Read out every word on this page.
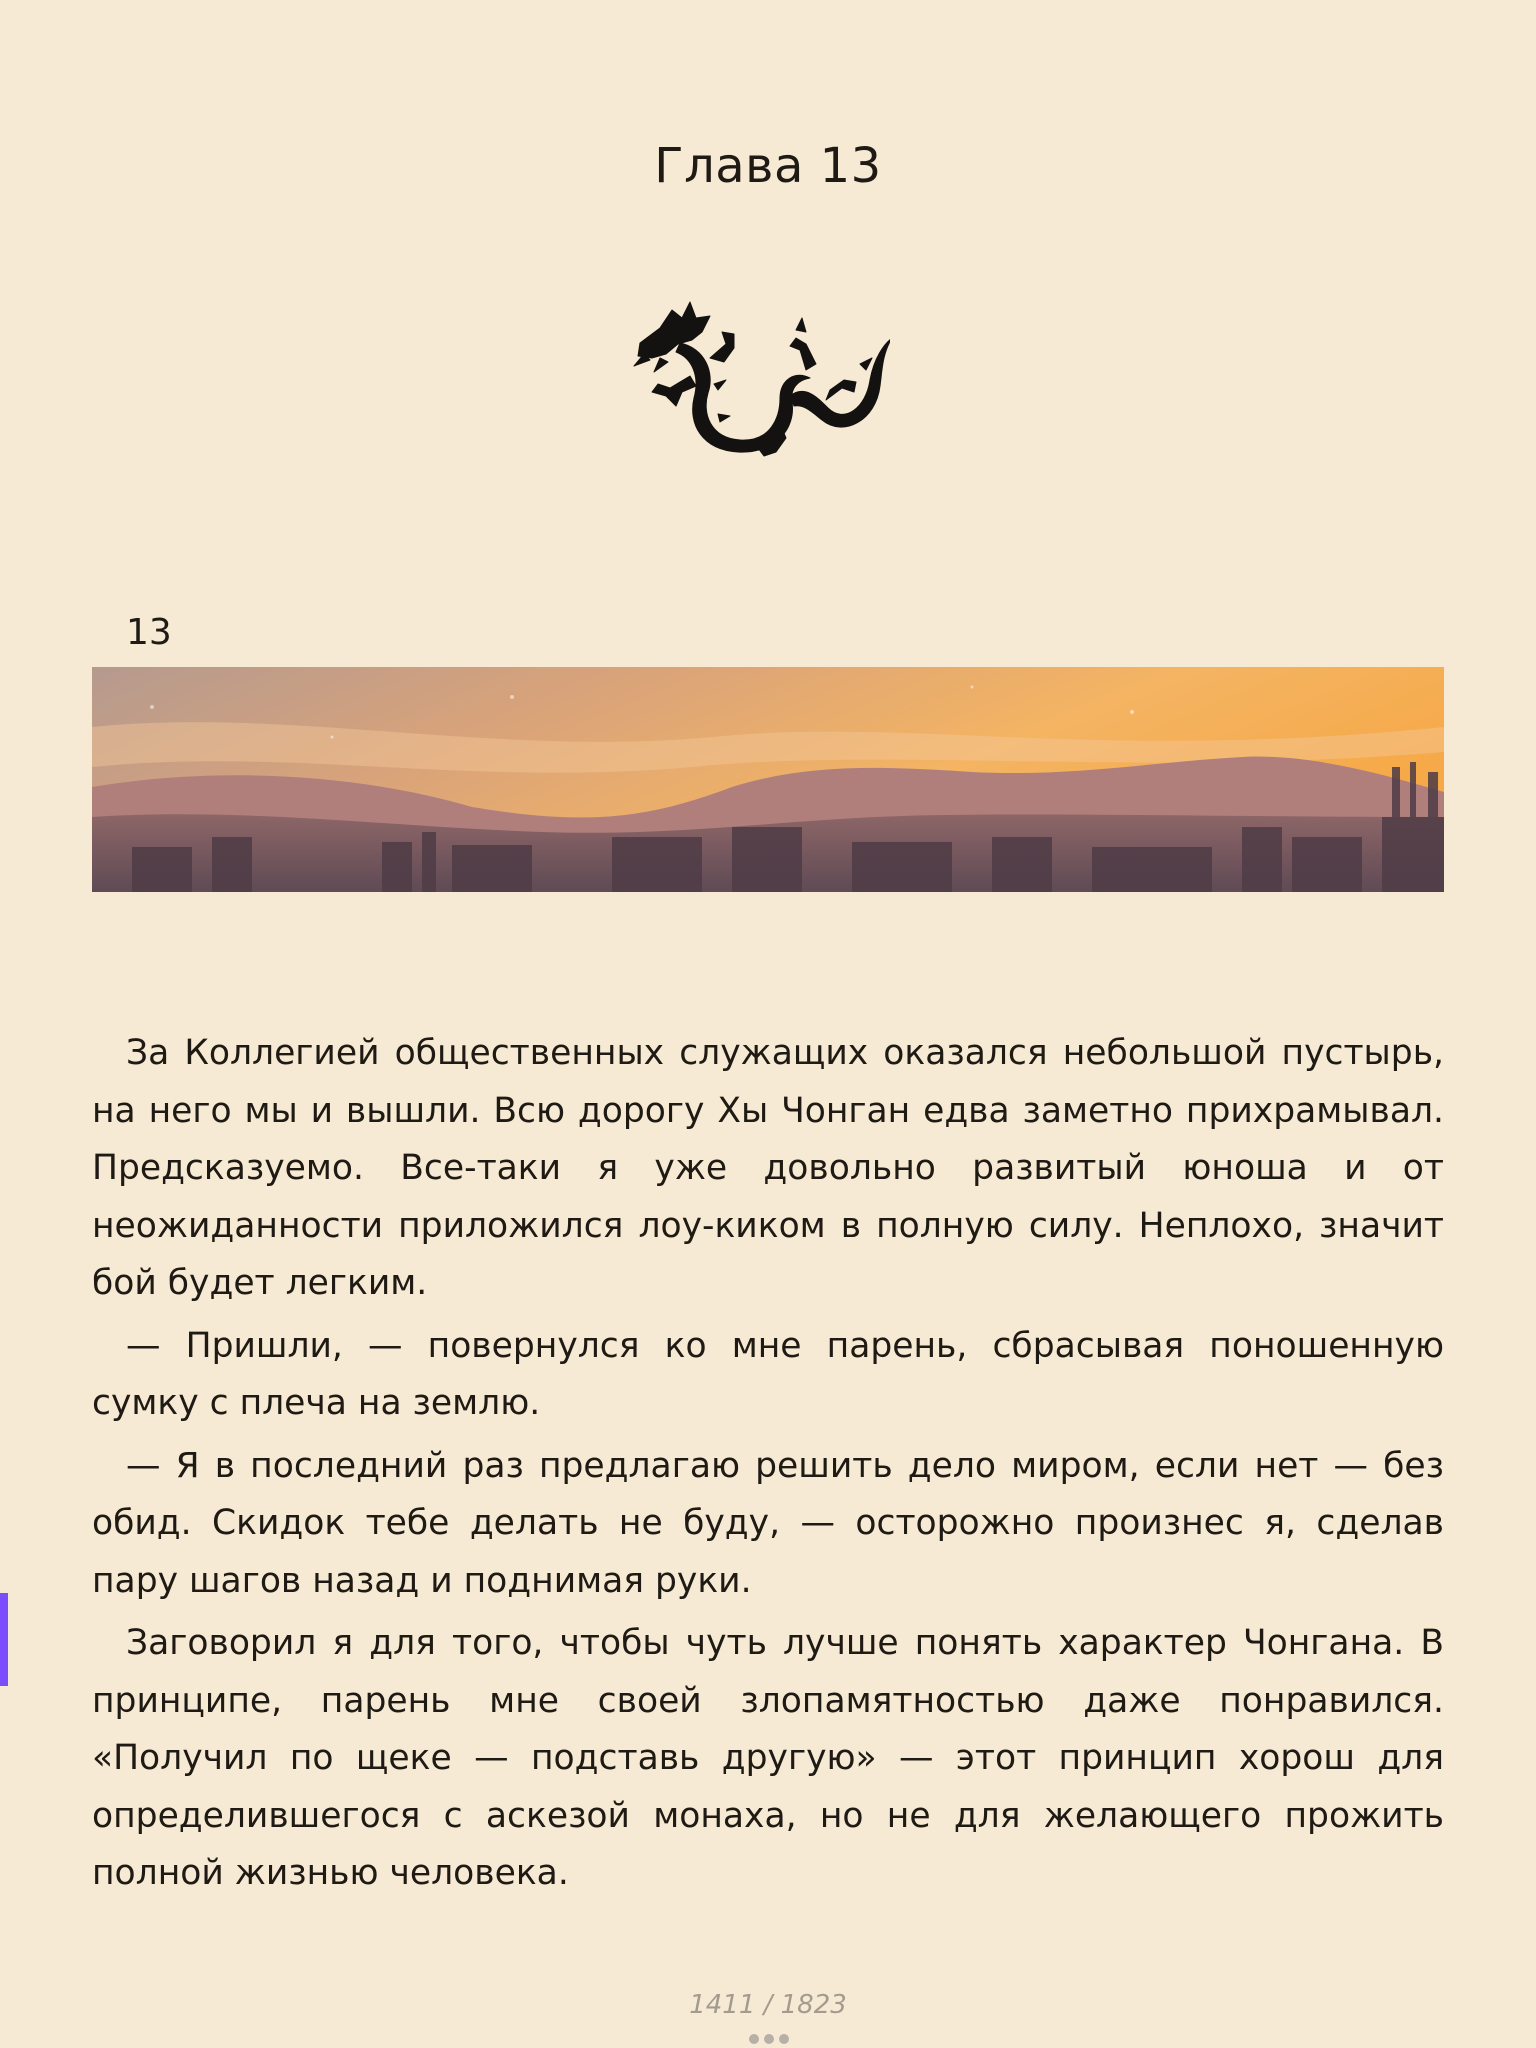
Глава 13
13

За Коллегией общественных служащих оказался небольшой пустырь, на него мы и вышли. Всю дорогу Хы Чонган едва заметно прихрамывал. Предсказуемо. Все-таки я уже довольно развитый юноша и от неожиданности приложился лоу-киком в полную силу. Неплохо, значит бой будет легким.

— Пришли, — повернулся ко мне парень, сбрасывая поношенную сумку с плеча на землю.

— Я в последний раз предлагаю решить дело миром, если нет — без обид. Скидок тебе делать не буду, — осторожно произнес я, сделав пару шагов назад и поднимая руки.

Заговорил я для того, чтобы чуть лучше понять характер Чонгана. В принципе, парень мне своей злопамятностью даже понравился. «Получил по щеке — подставь другую» — этот принцип хорош для определившегося с аскезой монаха, но не для желающего прожить полной жизнью человека.

1411 / 1823
